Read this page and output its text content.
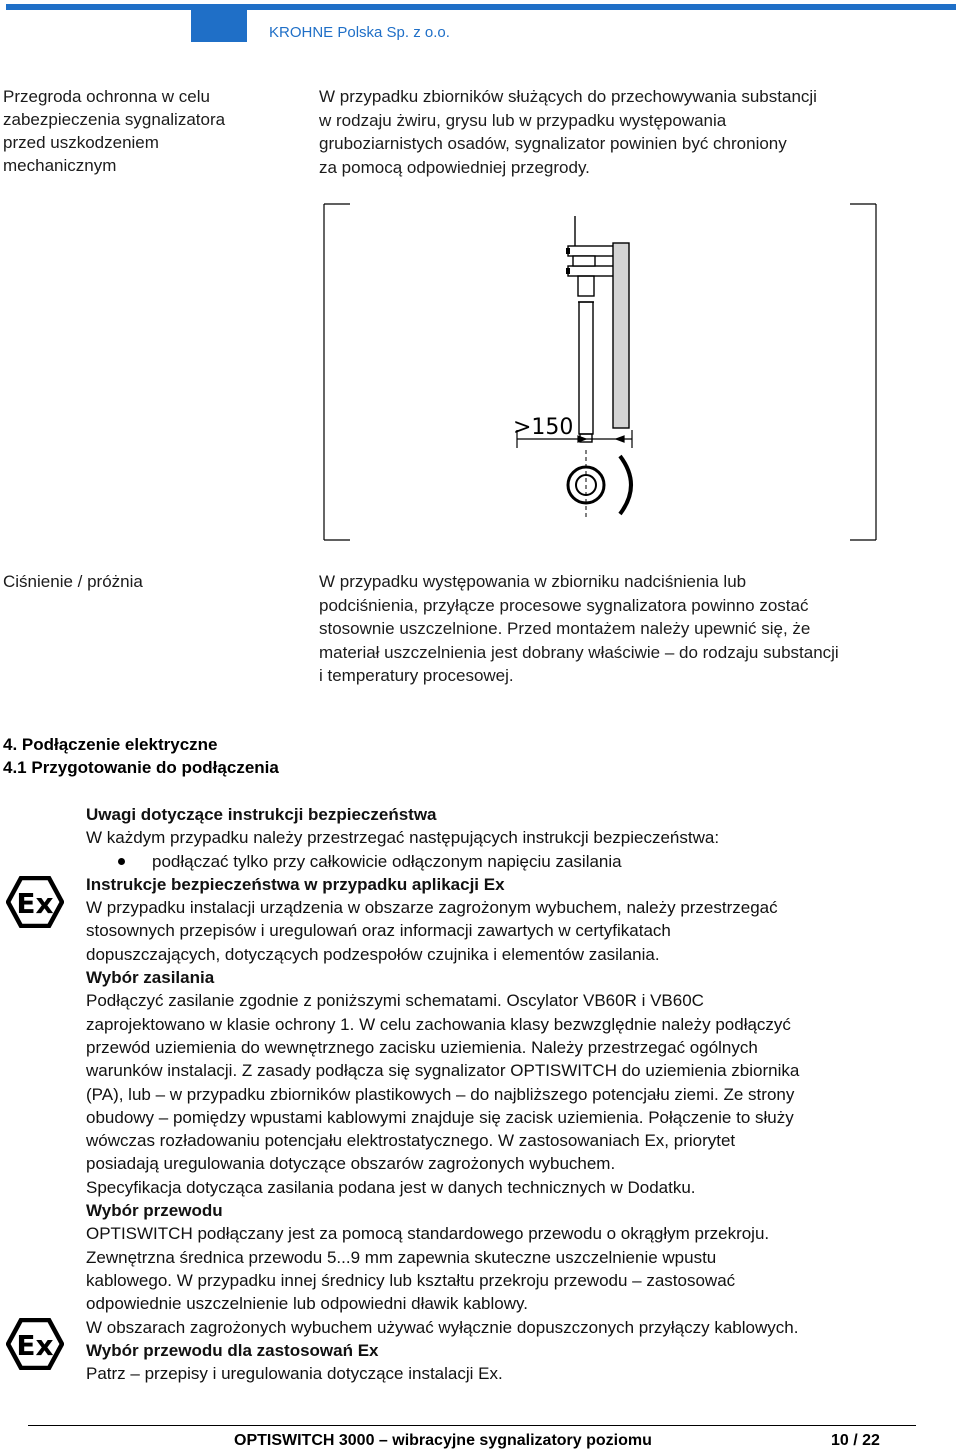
KROHNE Polska Sp. z o.o.
Przegroda ochronna w celu
zabezpieczenia sygnalizatora
przed uszkodzeniem
mechanicznym

W przypadku zbiorników służących do przechowywania substancji

w rodzaju żwiru, grysu lub w przypadku występowania

gruboziarnistych osadów, sygnalizator powinien być chroniony

za pomocą odpowiedniej przegrody.

>150
Ciśnienie / próżnia	W przypadku występowania w zbiorniku nadciśnienia lub

podciśnienia, przyłącze procesowe sygnalizatora powinno zostać

stosownie uszczelnione. Przed montażem należy upewnić się, że

materiał uszczelnienia jest dobrany właściwie – do rodzaju substancji

i temperatury procesowej.

4. Podłączenie elektryczne
4.1 Przygotowanie do podłączenia
Ex
Ex
Uwagi dotyczące instrukcji bezpieczeństwa
W każdym przypadku należy przestrzegać następujących instrukcji bezpieczeństwa:
podłączać tylko przy całkowicie odłączonym napięciu zasilania
Instrukcje bezpieczeństwa w przypadku aplikacji Ex
W przypadku instalacji urządzenia w obszarze zagrożonym wybuchem, należy przestrzegać
stosownych przepisów i uregulowań oraz informacji zawartych w certyfikatach
dopuszczających, dotyczących podzespołów czujnika i elementów zasilania.
Wybór zasilania
Podłączyć zasilanie zgodnie z poniższymi schematami. Oscylator VB60R i VB60C
zaprojektowano w klasie ochrony 1. W celu zachowania klasy bezwzględnie należy podłączyć
przewód uziemienia do wewnętrznego zacisku uziemienia. Należy przestrzegać ogólnych
warunków instalacji. Z zasady podłącza się sygnalizator OPTISWITCH do uziemienia zbiornika
(PA), lub – w przypadku zbiorników plastikowych – do najbliższego potencjału ziemi. Ze strony
obudowy – pomiędzy wpustami kablowymi znajduje się zacisk uziemienia. Połączenie to służy
wówczas rozładowaniu potencjału elektrostatycznego. W zastosowaniach Ex, priorytet
posiadają uregulowania dotyczące obszarów zagrożonych wybuchem.
Specyfikacja dotycząca zasilania podana jest w danych technicznych w Dodatku.
Wybór przewodu
OPTISWITCH podłączany jest za pomocą standardowego przewodu o okrągłym przekroju.
Zewnętrzna średnica przewodu 5...9 mm zapewnia skuteczne uszczelnienie wpustu
kablowego. W przypadku innej średnicy lub kształtu przekroju przewodu – zastosować
odpowiednie uszczelnienie lub odpowiedni dławik kablowy.
W obszarach zagrożonych wybuchem używać wyłącznie dopuszczonych przyłączy kablowych.
Wybór przewodu dla zastosowań Ex
Patrz – przepisy i uregulowania dotyczące instalacji Ex.
OPTISWITCH 3000 – wibracyjne sygnalizatory poziomu	10 / 22
